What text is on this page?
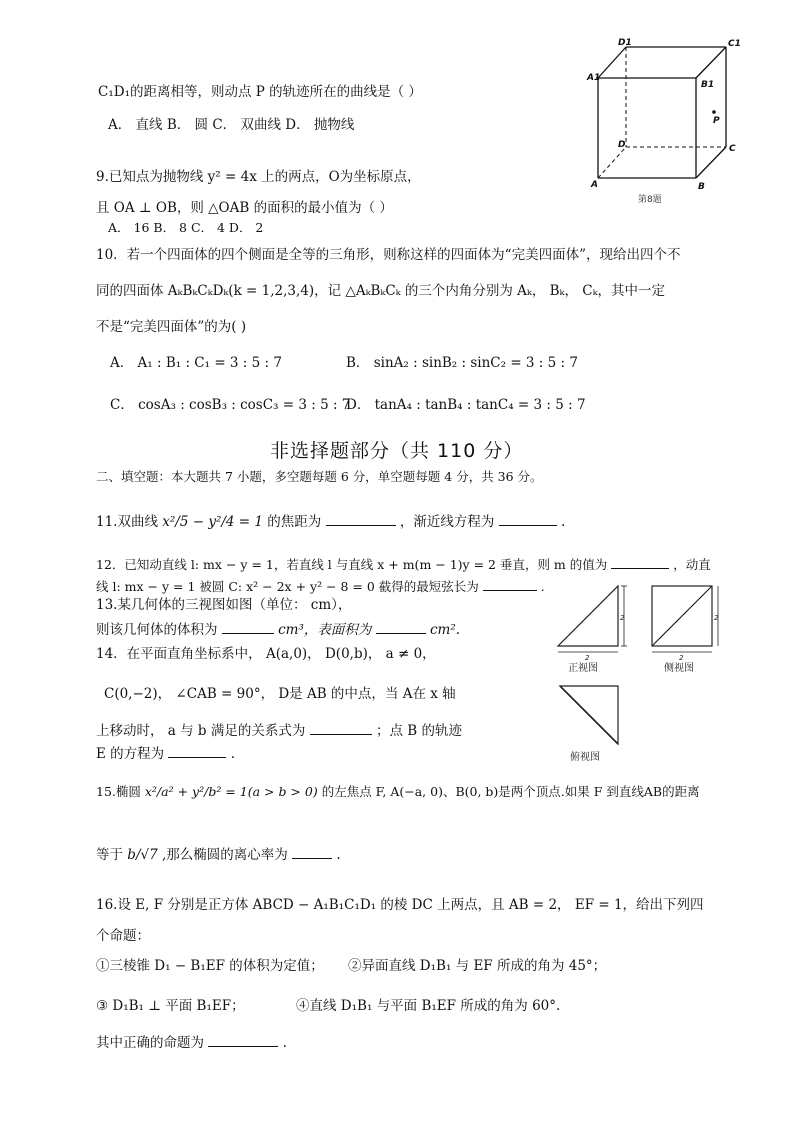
C₁D₁的距离相等，则动点 P 的轨迹所在的曲线是（ ）
A． 直线 B． 圆 C． 双曲线 D． 抛物线
D1	C1
A1
B1
P
D	C
A	B
第8题
9.已知点为抛物线 y² = 4x 上的两点，O为坐标原点，
且 OA ⊥ OB，则 △OAB 的面积的最小值为（ ）
A． 16 B． 8 C． 4 D． 2
10．若一个四面体的四个侧面是全等的三角形，则称这样的四面体为“完美四面体”，现给出四个不
同的四面体 AₖBₖCₖDₖ(k = 1,2,3,4)，记 △AₖBₖCₖ 的三个内角分别为 Aₖ， Bₖ， Cₖ，其中一定
不是“完美四面体”的为( )
A． A₁ : B₁ : C₁ = 3 : 5 : 7	B． sinA₂ : sinB₂ : sinC₂ = 3 : 5 : 7
C． cosA₃ : cosB₃ : cosC₃ = 3 : 5 : 7
D． tanA₄ : tanB₄ : tanC₄ = 3 : 5 : 7
非选择题部分（共 110 分）
二、填空题：本大题共 7 小题，多空题每题 6 分，单空题每题 4 分，共 36 分。
11.双曲线 x²/5 − y²/4 = 1 的焦距为	，渐近线方程为	.
12．已知动直线 l: mx − y = 1，若直线 l 与直线 x + m(m − 1)y = 2 垂直，则 m 的值为	，动直
线 l: mx − y = 1 被圆 C: x² − 2x + y² − 8 = 0 截得的最短弦长为	.
13.某几何体的三视图如图（单位： cm），
则该几何体的体积为	cm³，表面积为	cm².
2
2
正视图
2
2
侧视图
俯视图
14．在平面直角坐标系中， A(a,0)， D(0,b)， a ≠ 0，
C(0,−2)， ∠CAB = 90°， D是 AB 的中点，当 A在 x 轴
上移动时， a 与 b 满足的关系式为	；点 B 的轨迹
E 的方程为	.
15.椭圆 x²/a² + y²/b² = 1(a > b > 0) 的左焦点 F, A(−a, 0)、B(0, b)是两个顶点.如果 F 到直线AB的距离
等于 b/√7 ,那么椭圆的离心率为	.
16.设 E, F 分别是正方体 ABCD − A₁B₁C₁D₁ 的棱 DC 上两点，且 AB = 2， EF = 1，给出下列四
个命题：
①三棱锥 D₁ − B₁EF 的体积为定值； ②异面直线 D₁B₁ 与 EF 所成的角为 45°；
③ D₁B₁ ⊥ 平面 B₁EF；	④直线 D₁B₁ 与平面 B₁EF 所成的角为 60°.
其中正确的命题为	.
